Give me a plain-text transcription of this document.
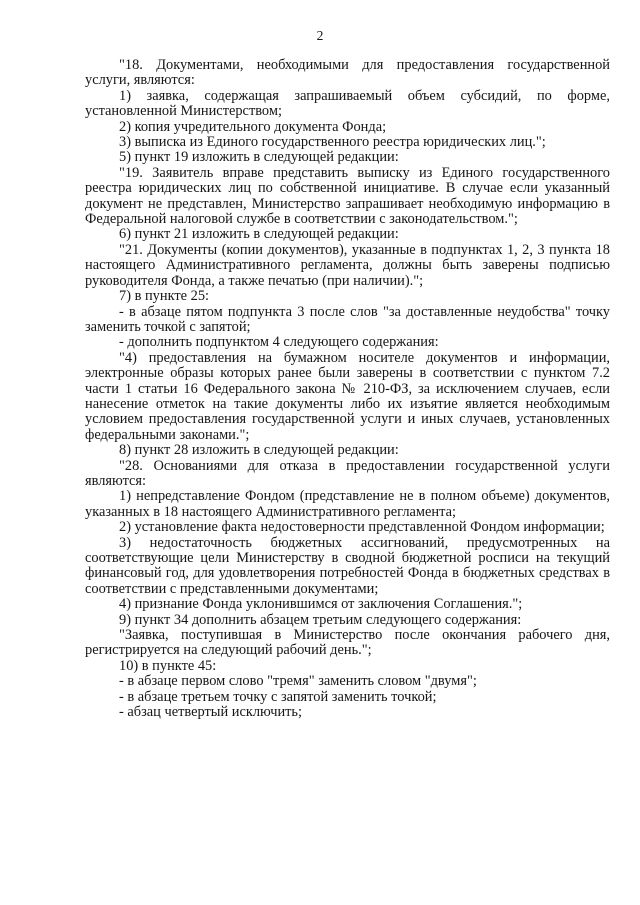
2

"18. Документами, необходимыми для предоставления государственной услуги, являются:

1) заявка, содержащая запрашиваемый объем субсидий, по форме, установленной Министерством;

2) копия учредительного документа Фонда;

3) выписка из Единого государственного реестра юридических лиц.";

5) пункт 19 изложить в следующей редакции:

"19. Заявитель вправе представить выписку из Единого государственного реестра юридических лиц по собственной инициативе. В случае если указанный документ не представлен, Министерство запрашивает необходимую информацию в Федеральной налоговой службе в соответствии с законодательством.";

6) пункт 21 изложить в следующей редакции:

"21. Документы (копии документов), указанные в подпунктах 1, 2, 3 пункта 18 настоящего Административного регламента, должны быть заверены подписью руководителя Фонда, а также печатью (при наличии).";

7) в пункте 25:

- в абзаце пятом подпункта 3 после слов "за доставленные неудобства" точку заменить точкой с запятой;

- дополнить подпунктом 4 следующего содержания:

"4) предоставления на бумажном носителе документов и информации, электронные образы которых ранее были заверены в соответствии с пунктом 7.2 части 1 статьи 16 Федерального закона № 210-ФЗ, за исключением случаев, если нанесение отметок на такие документы либо их изъятие является необходимым условием предоставления государственной услуги и иных случаев, установленных федеральными законами.";

8) пункт 28 изложить в следующей редакции:

"28. Основаниями для отказа в предоставлении государственной услуги являются:

1) непредставление Фондом (представление не в полном объеме) документов, указанных в 18 настоящего Административного регламента;

2) установление факта недостоверности представленной Фондом информации;

3) недостаточность бюджетных ассигнований, предусмотренных на соответствующие цели Министерству в сводной бюджетной росписи на текущий финансовый год, для удовлетворения потребностей Фонда в бюджетных средствах в соответствии с представленными документами;

4) признание Фонда уклонившимся от заключения Соглашения.";

9) пункт 34 дополнить абзацем третьим следующего содержания:

"Заявка, поступившая в Министерство после окончания рабочего дня, регистрируется на следующий рабочий день.";

10) в пункте 45:

- в абзаце первом слово "тремя" заменить словом "двумя";

- в абзаце третьем точку с запятой заменить точкой;

- абзац четвертый исключить;
